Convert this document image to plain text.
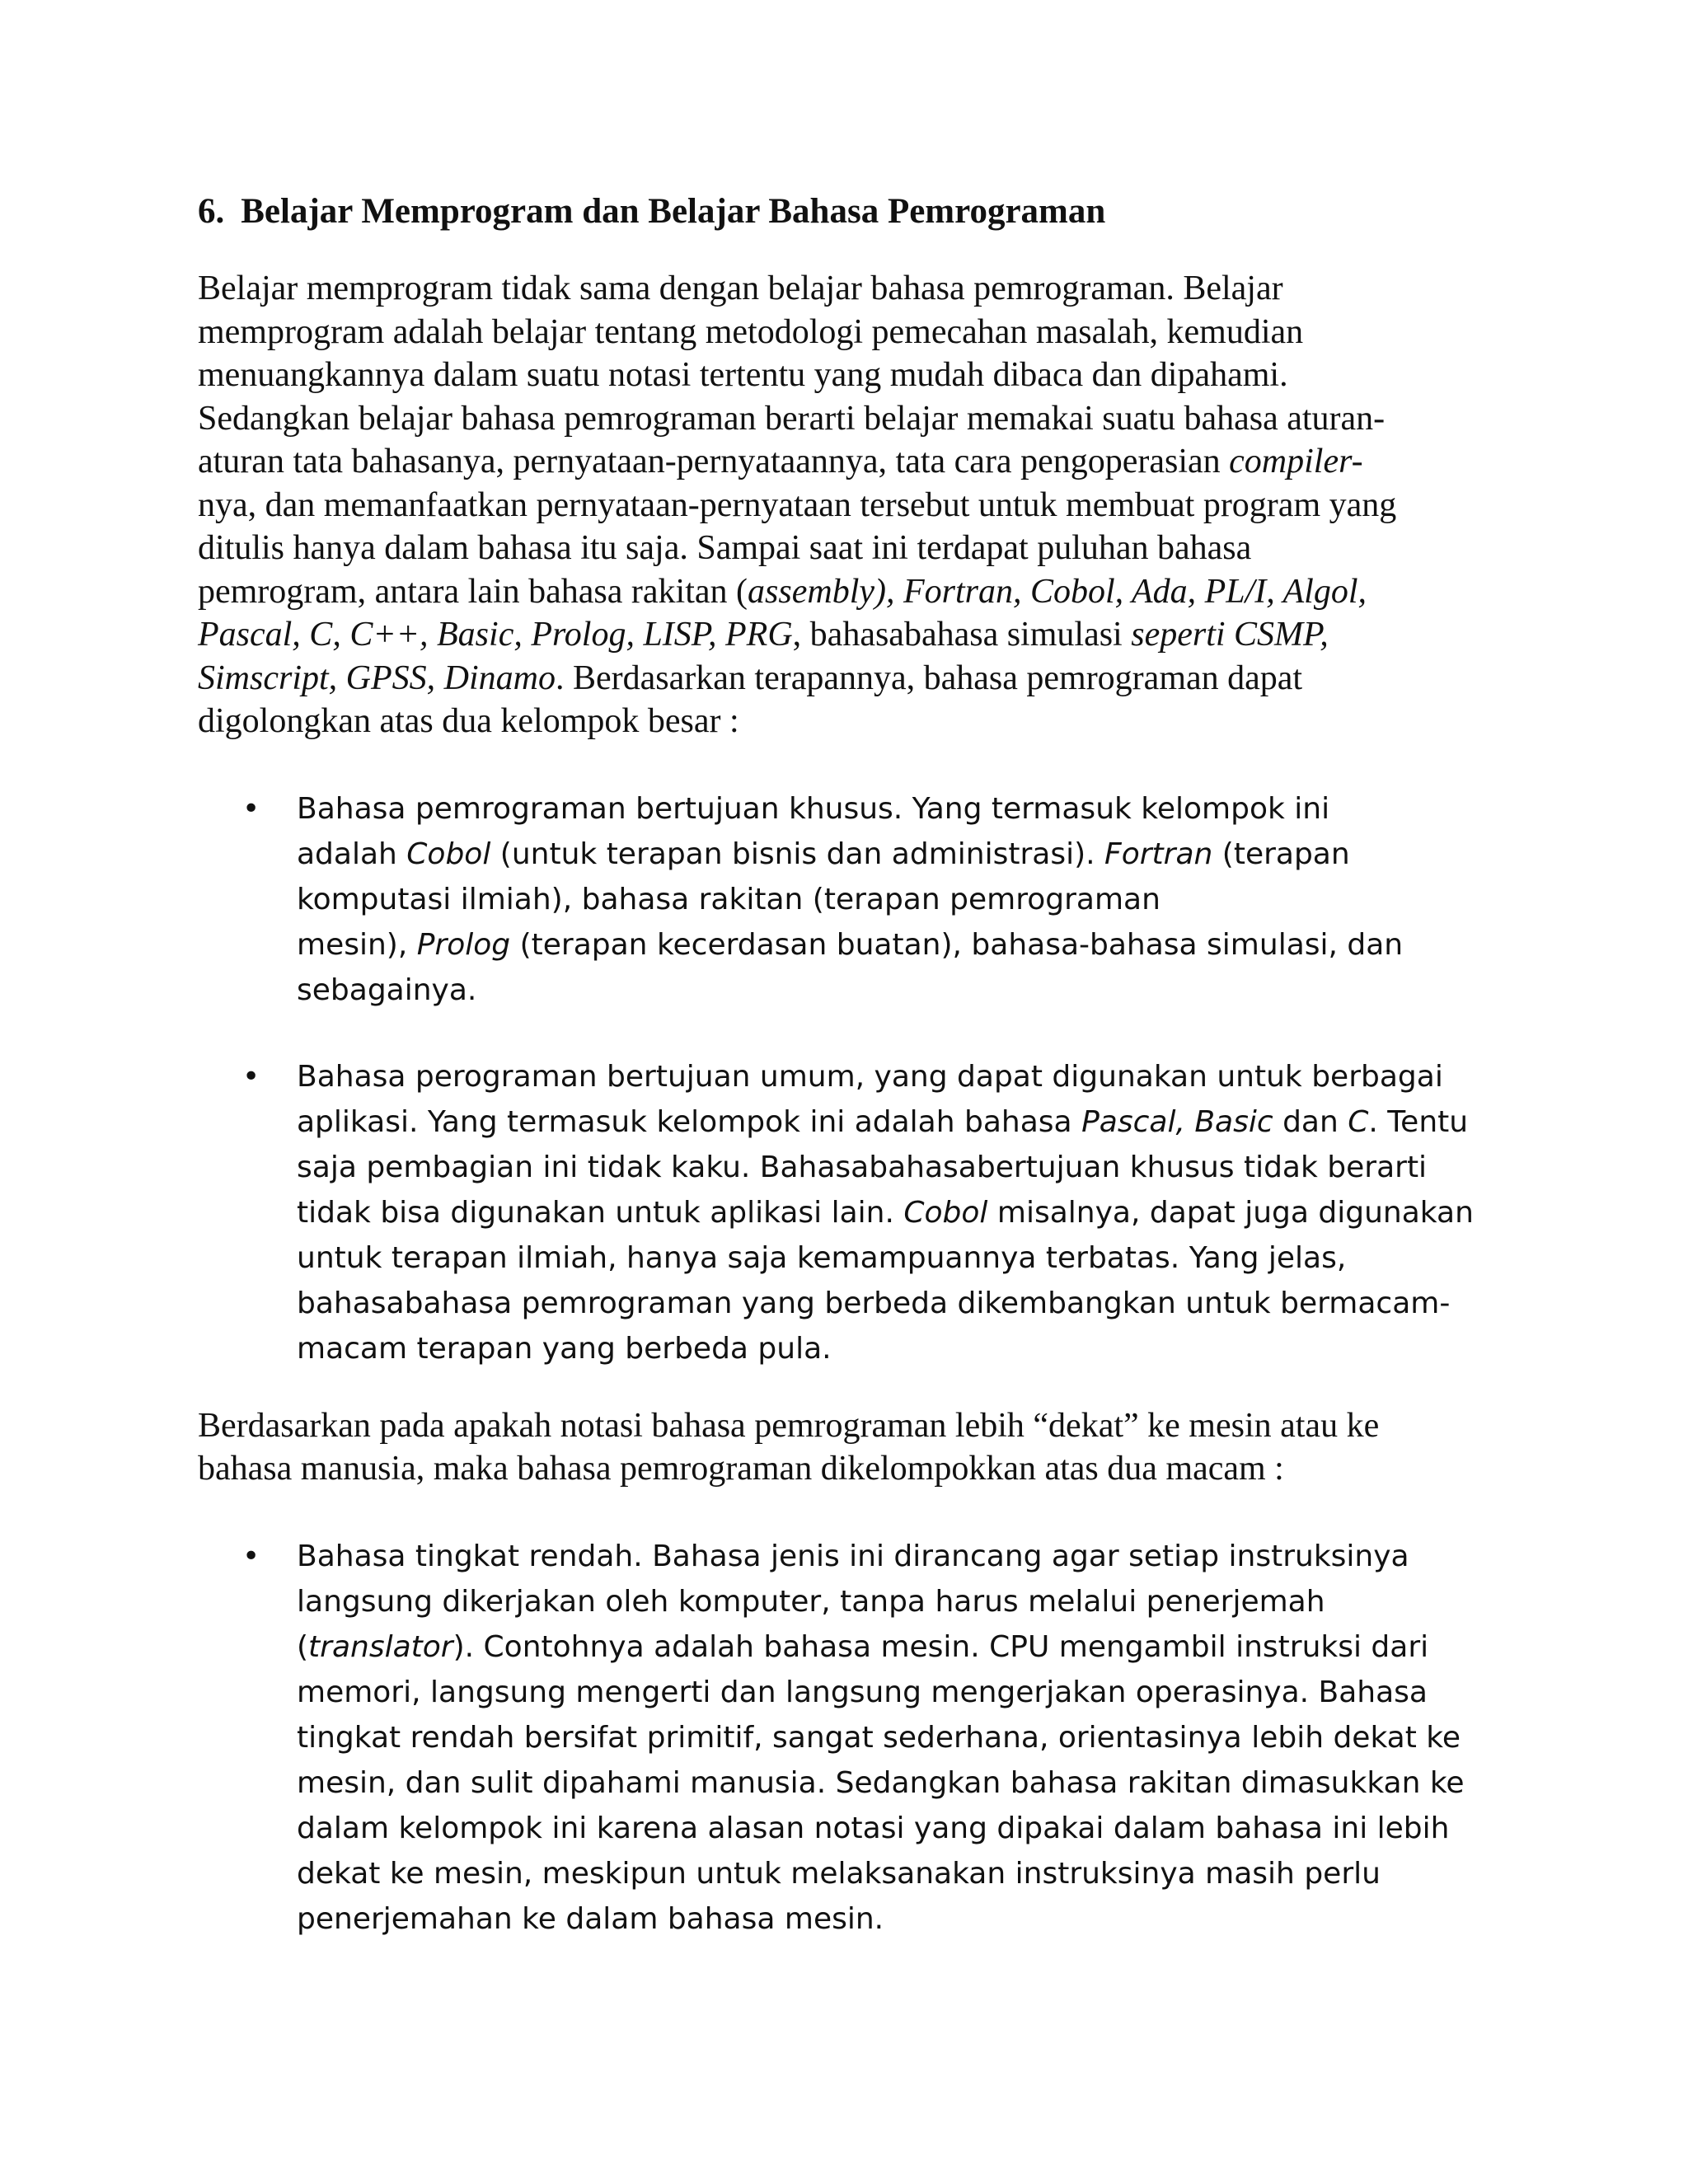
6. Belajar Memprogram dan Belajar Bahasa Pemrograman

Belajar memprogram tidak sama dengan belajar bahasa pemrograman. Belajar
memprogram adalah belajar tentang metodologi pemecahan masalah, kemudian
menuangkannya dalam suatu notasi tertentu yang mudah dibaca dan dipahami.
Sedangkan belajar bahasa pemrograman berarti belajar memakai suatu bahasa aturan-
aturan tata bahasanya, pernyataan-pernyataannya, tata cara pengoperasian compiler-
nya, dan memanfaatkan pernyataan-pernyataan tersebut untuk membuat program yang
ditulis hanya dalam bahasa itu saja. Sampai saat ini terdapat puluhan bahasa
pemrogram, antara lain bahasa rakitan (assembly), Fortran, Cobol, Ada, PL/I, Algol,
Pascal, C, C++, Basic, Prolog, LISP, PRG, bahasabahasa simulasi seperti CSMP,
Simscript, GPSS, Dinamo. Berdasarkan terapannya, bahasa pemrograman dapat
digolongkan atas dua kelompok besar :

• Bahasa pemrograman bertujuan khusus. Yang termasuk kelompok ini
adalah Cobol (untuk terapan bisnis dan administrasi). Fortran (terapan
komputasi ilmiah), bahasa rakitan (terapan pemrograman
mesin), Prolog (terapan kecerdasan buatan), bahasa-bahasa simulasi, dan
sebagainya.
• Bahasa perograman bertujuan umum, yang dapat digunakan untuk berbagai
aplikasi. Yang termasuk kelompok ini adalah bahasa Pascal, Basic dan C. Tentu
saja pembagian ini tidak kaku. Bahasabahasabertujuan khusus tidak berarti
tidak bisa digunakan untuk aplikasi lain. Cobol misalnya, dapat juga digunakan
untuk terapan ilmiah, hanya saja kemampuannya terbatas. Yang jelas,
bahasabahasa pemrograman yang berbeda dikembangkan untuk bermacam-
macam terapan yang berbeda pula.

Berdasarkan pada apakah notasi bahasa pemrograman lebih “dekat” ke mesin atau ke
bahasa manusia, maka bahasa pemrograman dikelompokkan atas dua macam :

• Bahasa tingkat rendah. Bahasa jenis ini dirancang agar setiap instruksinya
langsung dikerjakan oleh komputer, tanpa harus melalui penerjemah
(translator). Contohnya adalah bahasa mesin. CPU mengambil instruksi dari
memori, langsung mengerti dan langsung mengerjakan operasinya. Bahasa
tingkat rendah bersifat primitif, sangat sederhana, orientasinya lebih dekat ke
mesin, dan sulit dipahami manusia. Sedangkan bahasa rakitan dimasukkan ke
dalam kelompok ini karena alasan notasi yang dipakai dalam bahasa ini lebih
dekat ke mesin, meskipun untuk melaksanakan instruksinya masih perlu
penerjemahan ke dalam bahasa mesin.
